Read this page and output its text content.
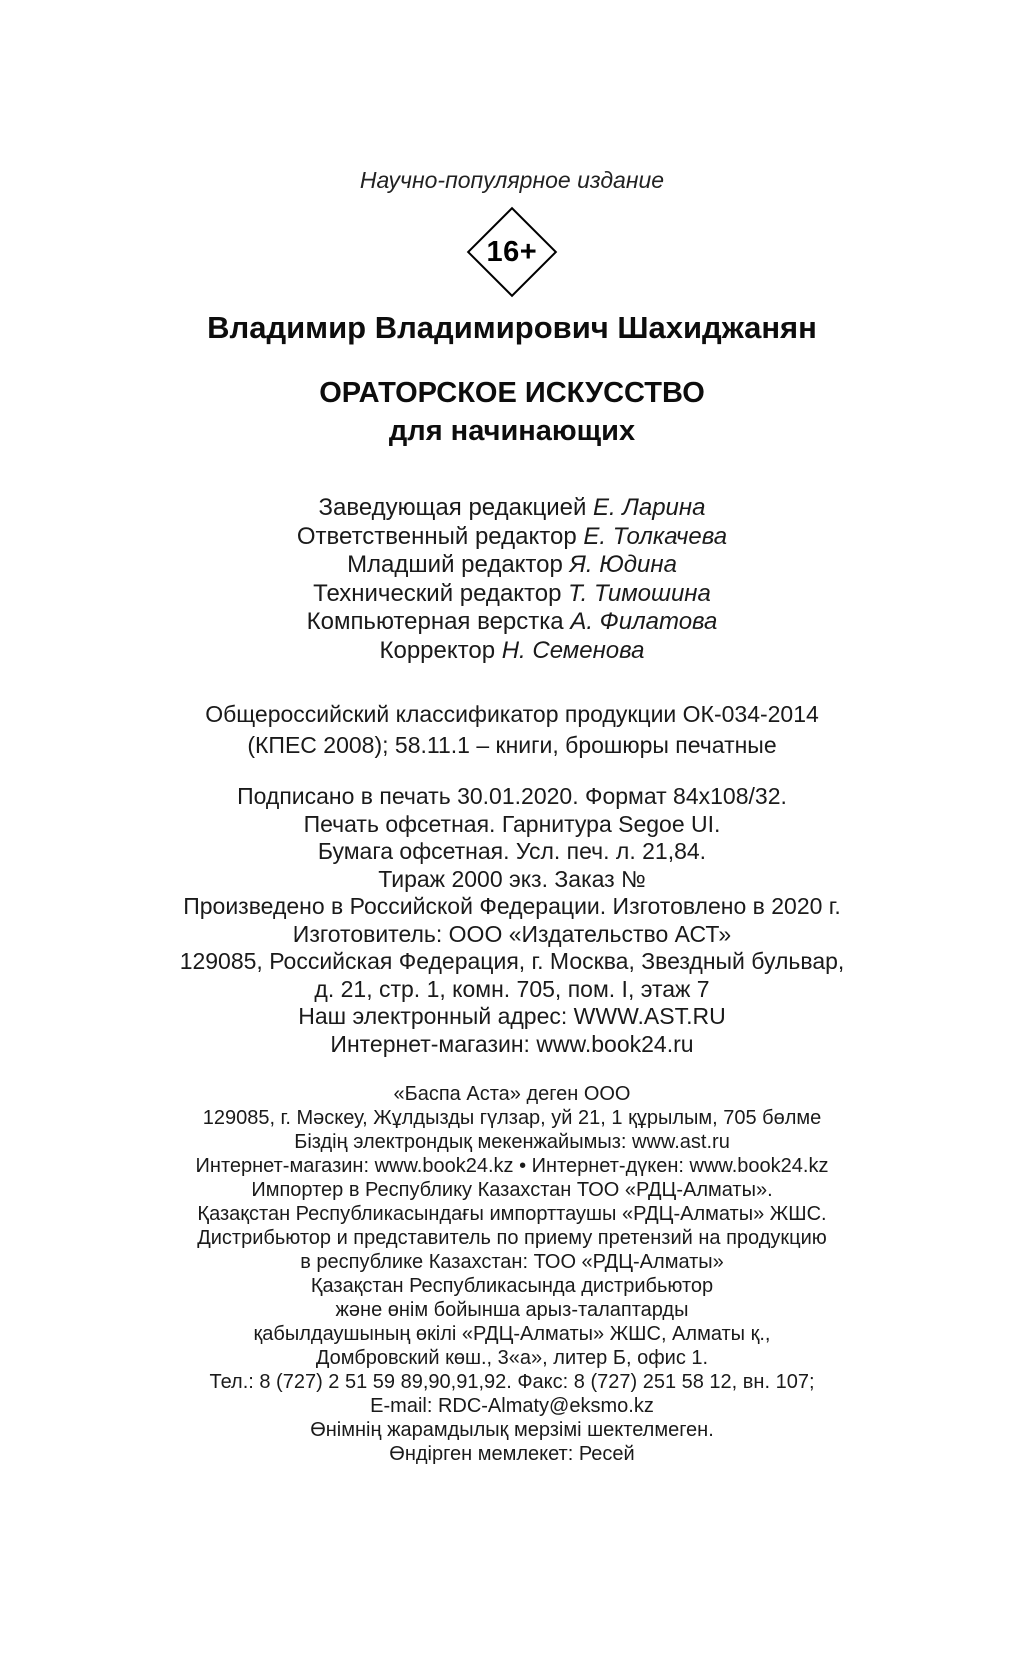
Научно-популярное издание
16+
Владимир Владимирович Шахиджанян
ОРАТОРСКОЕ ИСКУССТВО
для начинающих
Заведующая редакцией Е. Ларина
Ответственный редактор Е. Толкачева
Младший редактор Я. Юдина
Технический редактор Т. Тимошина
Компьютерная верстка А. Филатова
Корректор Н. Семенова
Общероссийский классификатор продукции ОК-034-2014
(КПЕС 2008); 58.11.1 – книги, брошюры печатные
Подписано в печать 30.01.2020. Формат 84х108/32.
Печать офсетная. Гарнитура Segoe UI.
Бумага офсетная. Усл. печ. л. 21,84.
Тираж 2000 экз. Заказ №
Произведено в Российской Федерации. Изготовлено в 2020 г.
Изготовитель: ООО «Издательство АСТ»
129085, Российская Федерация, г. Москва, Звездный бульвар,
д. 21, стр. 1, комн. 705, пом. I, этаж 7
Наш электронный адрес: WWW.AST.RU
Интернет-магазин: www.book24.ru
«Баспа Аста» деген ООО
129085, г. Мәскеу, Жұлдызды гүлзар, уй 21, 1 құрылым, 705 бөлме
Біздің электрондық мекенжайымыз: www.ast.ru
Интернет-магазин: www.book24.kz • Интернет-дүкен: www.book24.kz
Импортер в Республику Казахстан ТОО «РДЦ-Алматы».
Қазақстан Республикасындағы импорттаушы «РДЦ-Алматы» ЖШС.
Дистрибьютор и представитель по приему претензий на продукцию
в республике Казахстан: ТОО «РДЦ-Алматы»
Қазақстан Республикасында дистрибьютор
және өнім бойынша арыз-талаптарды
қабылдаушының өкілі «РДЦ-Алматы» ЖШС, Алматы қ.,
Домбровский көш., 3«а», литер Б, офис 1.
Тел.: 8 (727) 2 51 59 89,90,91,92. Факс: 8 (727) 251 58 12, вн. 107;
E-mail: RDC-Almaty@eksmo.kz
Өнімнің жарамдылық мерзімі шектелмеген.
Өндірген мемлекет: Ресей
